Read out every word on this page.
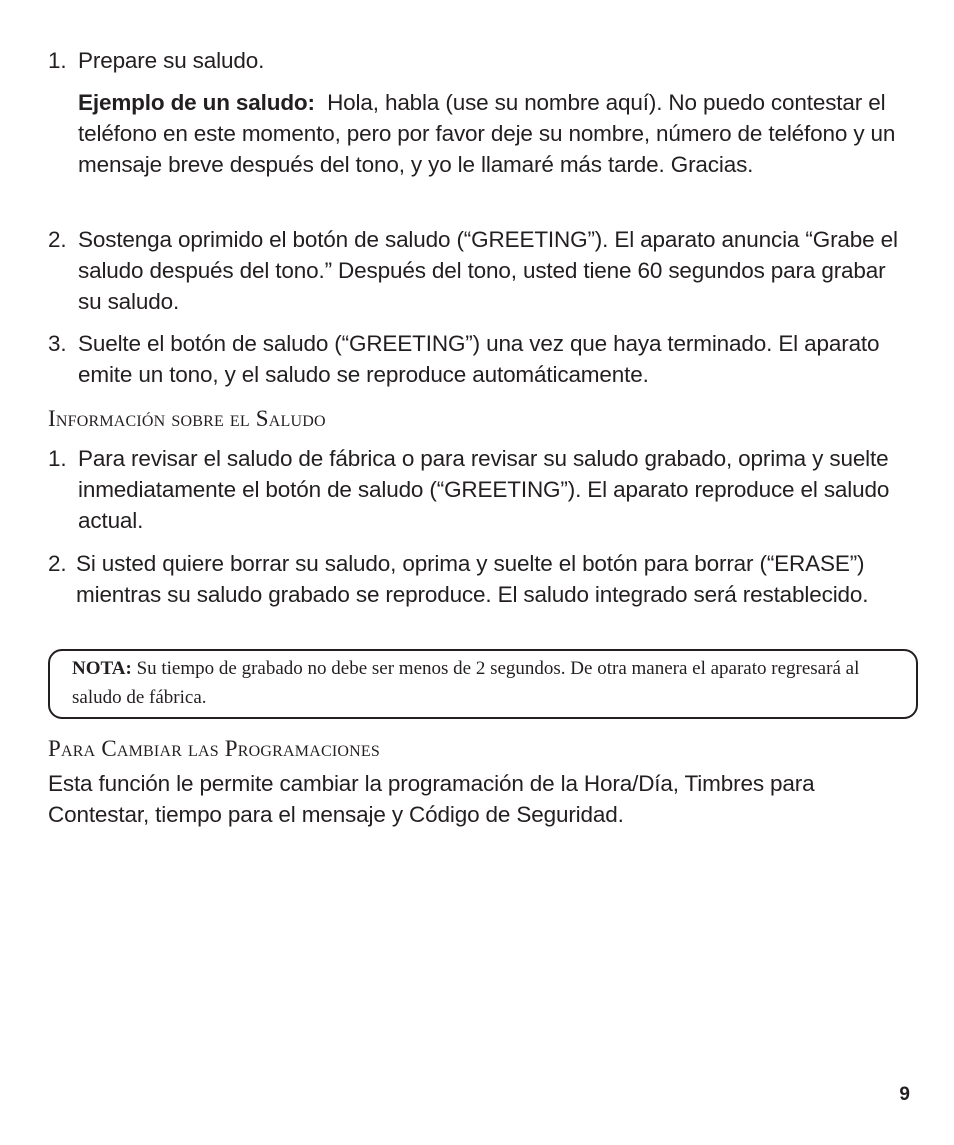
1. Prepare su saludo.
Ejemplo de un saludo: Hola, habla (use su nombre aquí). No puedo contestar el teléfono en este momento, pero por favor deje su nombre, número de teléfono y un mensaje breve después del tono, y yo le llamaré más tarde. Gracias.
2. Sostenga oprimido el botón de saludo (“GREETING”). El aparato anuncia “Grabe el saludo después del tono.” Después del tono, usted tiene 60 segundos para grabar su saludo.
3. Suelte el botón de saludo (“GREETING”) una vez que haya terminado. El aparato emite un tono, y el saludo se reproduce automáticamente.
Información sobre el Saludo
1. Para revisar el saludo de fábrica o para revisar su saludo grabado, oprima y suelte inmediatamente el botón de saludo (“GREETING”). El aparato reproduce el saludo actual.
2. Si usted quiere borrar su saludo, oprima y suelte el botón para borrar (“ERASE”) mientras su saludo grabado se reproduce. El saludo integrado será restablecido.
NOTA: Su tiempo de grabado no debe ser menos de 2 segundos. De otra manera el aparato regresará al saludo de fábrica.
Para Cambiar las Programaciones
Esta función le permite cambiar la programación de la Hora/Día, Timbres para Contestar, tiempo para el mensaje y Código de Seguridad.
9
